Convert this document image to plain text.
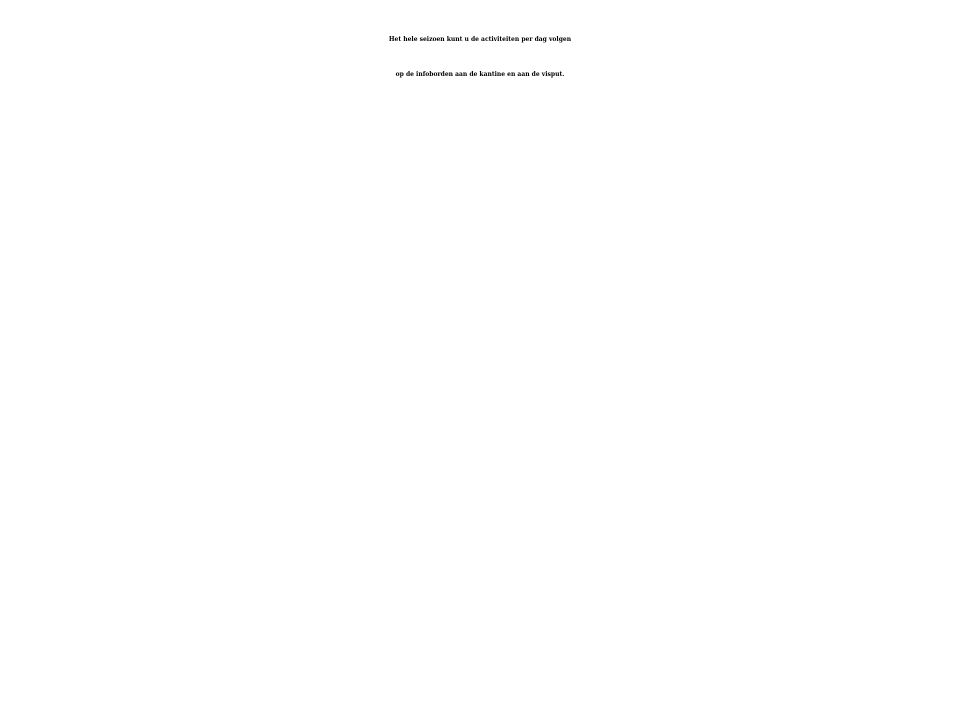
Het hele seizoen kunt u de activiteiten per dag volgen
op de infoborden aan de kantine en aan de visput.
